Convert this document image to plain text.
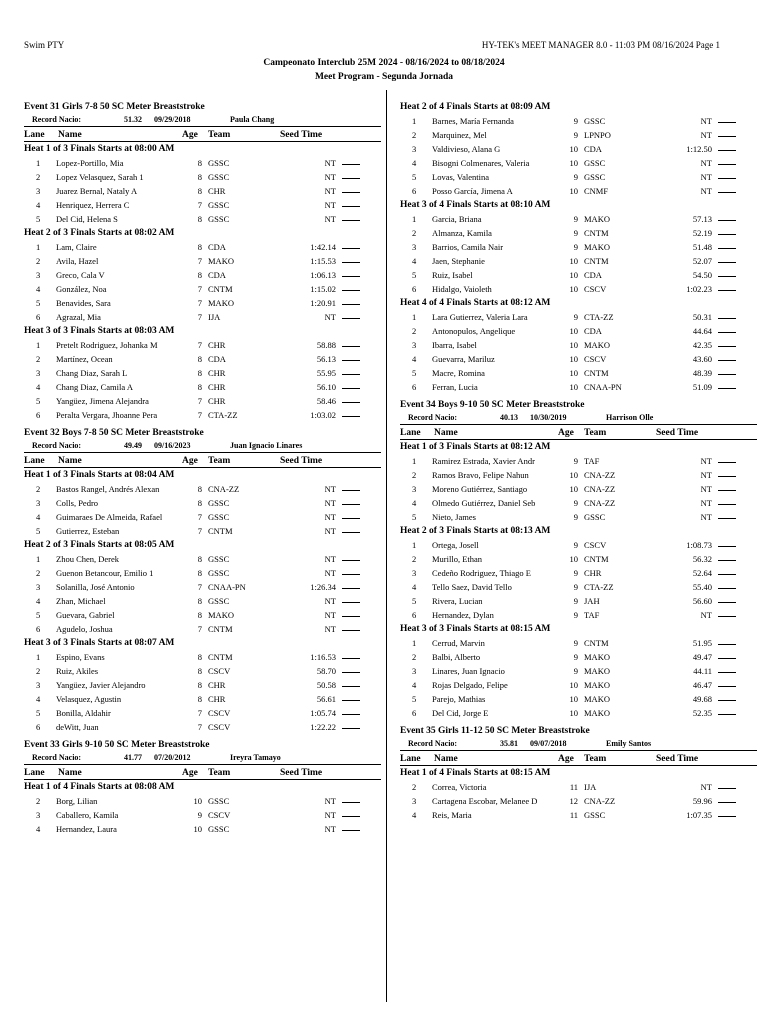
Swim PTY	HY-TEK's MEET MANAGER 8.0 - 11:03 PM 08/16/2024 Page 1
Campeonato Interclub 25M 2024 - 08/16/2024 to 08/18/2024
Meet Program - Segunda Jornada
Event 31 Girls 7-8 50 SC Meter Breaststroke
Record Nacio:	51.32 09/29/2018	Paula Chang
Lane Name	Age Team	Seed Time
Heat 1 of 3 Finals Starts at 08:00 AM
1	Lopez-Portillo, Mia	8 GSSC	NT
2	Lopez Velasquez, Sarah 1	8 GSSC	NT
3	Juarez Bernal, Nataly A	8 CHR	NT
4	Henriquez, Herrera C	7 GSSC	NT
5	Del Cid, Helena S	8 GSSC	NT
Heat 2 of 3 Finals Starts at 08:02 AM
1	Lam, Claire	8 CDA	1:42.14
2	Avila, Hazel	7 MAKO	1:15.53
3	Greco, Cala V	8 CDA	1:06.13
4	González, Noa	7 CNTM	1:15.02
5	Benavides, Sara	7 MAKO	1:20.91
6	Agrazal, Mia	7 IJA	NT
Heat 3 of 3 Finals Starts at 08:03 AM
1	Pretelt Rodriguez, Johanka M	7 CHR	58.88
2	Martínez, Ocean	8 CDA	56.13
3	Chang Diaz, Sarah L	8 CHR	55.95
4	Chang Diaz, Camila A	8 CHR	56.10
5	Yangüez, Jimena Alejandra	7 CHR	58.46
6	Peralta Vergara, Jhoanne Pera	7 CTA-ZZ	1:03.02
Event 32 Boys 7-8 50 SC Meter Breaststroke
Record Nacio:	49.49 09/16/2023	Juan Ignacio Linares
Lane Name	Age Team	Seed Time
Heat 1 of 3 Finals Starts at 08:04 AM
2	Bastos Rangel, Andrés Alexan	8 CNA-ZZ	NT
3	Colls, Pedro	8 GSSC	NT
4	Guimaraes De Almeida, Rafael	7 GSSC	NT
5	Gutierrez, Esteban	7 CNTM	NT
Heat 2 of 3 Finals Starts at 08:05 AM
1	Zhou Chen, Derek	8 GSSC	NT
2	Guenon Betancour, Emilio 1	8 GSSC	NT
3	Solanilla, José Antonio	7 CNAA-PN	1:26.34
4	Zhan, Michael	8 GSSC	NT
5	Guevara, Gabriel	8 MAKO	NT
6	Agudelo, Joshua	7 CNTM	NT
Heat 3 of 3 Finals Starts at 08:07 AM
1	Espino, Evans	8 CNTM	1:16.53
2	Ruiz, Akiles	8 CSCV	58.70
3	Yangüez, Javier Alejandro	8 CHR	50.58
4	Velasquez, Agustin	8 CHR	56.61
5	Bonilla, Aldahir	7 CSCV	1:05.74
6	deWitt, Juan	7 CSCV	1:22.22
Event 33 Girls 9-10 50 SC Meter Breaststroke
Record Nacio:	41.77 07/20/2012	Ireyra Tamayo
Lane Name	Age Team	Seed Time
Heat 1 of 4 Finals Starts at 08:08 AM
2	Borg, Lilian	10 GSSC	NT
3	Caballero, Kamila	9 CSCV	NT
4	Hernandez, Laura	10 GSSC	NT
Heat 2 of 4 Finals Starts at 08:09 AM
1	Barnes, María Fernanda	9 GSSC	NT
2	Marquinez, Mel	9 LPNPO	NT
3	Valdivieso, Alana G	10 CDA	1:12.50
4	Bisogni Colmenares, Valeria	10 GSSC	NT
5	Lovas, Valentina	9 GSSC	NT
6	Posso García, Jimena A	10 CNMF	NT
Heat 3 of 4 Finals Starts at 08:10 AM
1	Garcia, Briana	9 MAKO	57.13
2	Almanza, Kamila	9 CNTM	52.19
3	Barrios, Camila Nair	9 MAKO	51.48
4	Jaen, Stephanie	10 CNTM	52.07
5	Ruiz, Isabel	10 CDA	54.50
6	Hidalgo, Vaioleth	10 CSCV	1:02.23
Heat 4 of 4 Finals Starts at 08:12 AM
1	Lara Gutierrez, Valeria Lara	9 CTA-ZZ	50.31
2	Antonopulos, Angelique	10 CDA	44.64
3	Ibarra, Isabel	10 MAKO	42.35
4	Guevarra, Mariluz	10 CSCV	43.60
5	Macre, Romina	10 CNTM	48.39
6	Ferran, Lucia	10 CNAA-PN	51.09
Event 34 Boys 9-10 50 SC Meter Breaststroke
Record Nacio:	40.13 10/30/2019	Harrison Olle
Lane Name	Age Team	Seed Time
Heat 1 of 3 Finals Starts at 08:12 AM
1	Ramirez Estrada, Xavier Andr	9 TAF	NT
2	Ramos Bravo, Felipe Nahun	10 CNA-ZZ	NT
3	Moreno Gutiérrez, Santiago	10 CNA-ZZ	NT
4	Olmedo Gutiérrez, Daniel Seb	9 CNA-ZZ	NT
5	Nieto, James	9 GSSC	NT
Heat 2 of 3 Finals Starts at 08:13 AM
1	Ortega, Josell	9 CSCV	1:08.73
2	Murillo, Ethan	10 CNTM	56.32
3	Cedeño Rodriguez, Thiago E	9 CHR	52.64
4	Tello Saez, David Tello	9 CTA-ZZ	55.40
5	Rivera, Lucian	9 JAH	56.60
6	Hernandez, Dylan	9 TAF	NT
Heat 3 of 3 Finals Starts at 08:15 AM
1	Cerrud, Marvin	9 CNTM	51.95
2	Balbi, Alberto	9 MAKO	49.47
3	Linares, Juan Ignacio	9 MAKO	44.11
4	Rojas Delgado, Felipe	10 MAKO	46.47
5	Parejo, Mathias	10 MAKO	49.68
6	Del Cid, Jorge E	10 MAKO	52.35
Event 35 Girls 11-12 50 SC Meter Breaststroke
Record Nacio:	35.81 09/07/2018	Emily Santos
Lane Name	Age Team	Seed Time
Heat 1 of 4 Finals Starts at 08:15 AM
2	Correa, Victoria	11 IJA	NT
3	Cartagena Escobar, Melanee D	12 CNA-ZZ	59.96
4	Reis, Maria	11 GSSC	1:07.35
